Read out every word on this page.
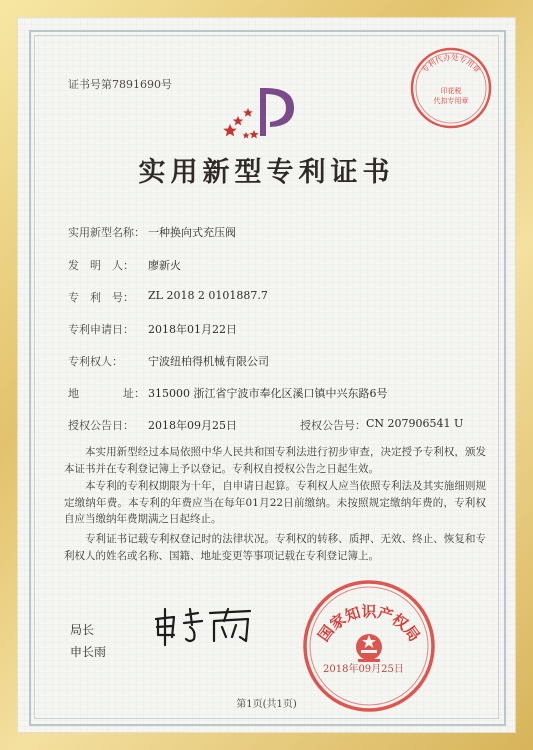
证书号第7891690号
专利代办处专用章
印花税
代扣专用章
实用新型专利证书
实用新型名称： 一种换向式充压阀
发　明　人： 廖新火
专　利　号： ZL 2018 2 0101887.7
专利申请日： 2018年01月22日
专利权人： 宁波纽柏得机械有限公司
地　　　　址： 315000 浙江省宁波市奉化区溪口镇中兴东路6号
授权公告日： 2018年09月25日	授权公告号： CN 207906541 U
本实用新型经过本局依照中华人民共和国专利法进行初步审查，决定授予专利权，颁发本证书并在专利登记簿上予以登记。专利权自授权公告之日起生效。
本专利的专利权期限为十年，自申请日起算。专利权人应当依照专利法及其实施细则规定缴纳年费。本专利的年费应当在每年01月22日前缴纳。未按照规定缴纳年费的，专利权自应当缴纳年费期满之日起终止。
专利证书记载专利权登记时的法律状况。专利权的转移、质押、无效、终止、恢复和专利权人的姓名或名称、国籍、地址变更等事项记载在专利登记簿上。
局长
申长雨
国家知识产权局
2018年09月25日
第1页(共1页)
